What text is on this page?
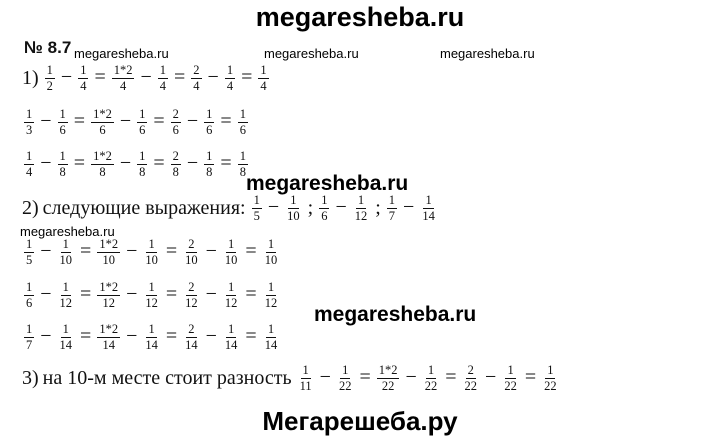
megaresheba.ru
megaresheba.ru	megaresheba.ru	megaresheba.ru
megaresheba.ru
megaresheba.ru
megaresheba.ru
Мегарешеба.ру
№ 8.7
$1) \frac{1}{2} - \frac{1}{4} = \frac{1*2}{4} - \frac{1}{4} = \frac{2}{4} - \frac{1}{4} = \frac{1}{4}$
$\frac{1}{3} - \frac{1}{6} = \frac{1*2}{6} - \frac{1}{6} = \frac{2}{6} - \frac{1}{6} = \frac{1}{6}$
$\frac{1}{4} - \frac{1}{8} = \frac{1*2}{8} - \frac{1}{8} = \frac{2}{8} - \frac{1}{8} = \frac{1}{8}$
2) следующие выражения: $\frac{1}{5} - \frac{1}{10}$ ; $\frac{1}{6} - \frac{1}{12}$ ; $\frac{1}{7} - \frac{1}{14}$
$\frac{1}{5} - \frac{1}{10} = \frac{1*2}{10} - \frac{1}{10} = \frac{2}{10} - \frac{1}{10} = \frac{1}{10}$
$\frac{1}{6} - \frac{1}{12} = \frac{1*2}{12} - \frac{1}{12} = \frac{2}{12} - \frac{1}{12} = \frac{1}{12}$
$\frac{1}{7} - \frac{1}{14} = \frac{1*2}{14} - \frac{1}{14} = \frac{2}{14} - \frac{1}{14} = \frac{1}{14}$
3) на 10-м месте стоит разность $\frac{1}{11} - \frac{1}{22} = \frac{1*2}{22} - \frac{1}{22} = \frac{2}{22} - \frac{1}{22} = \frac{1}{22}$
